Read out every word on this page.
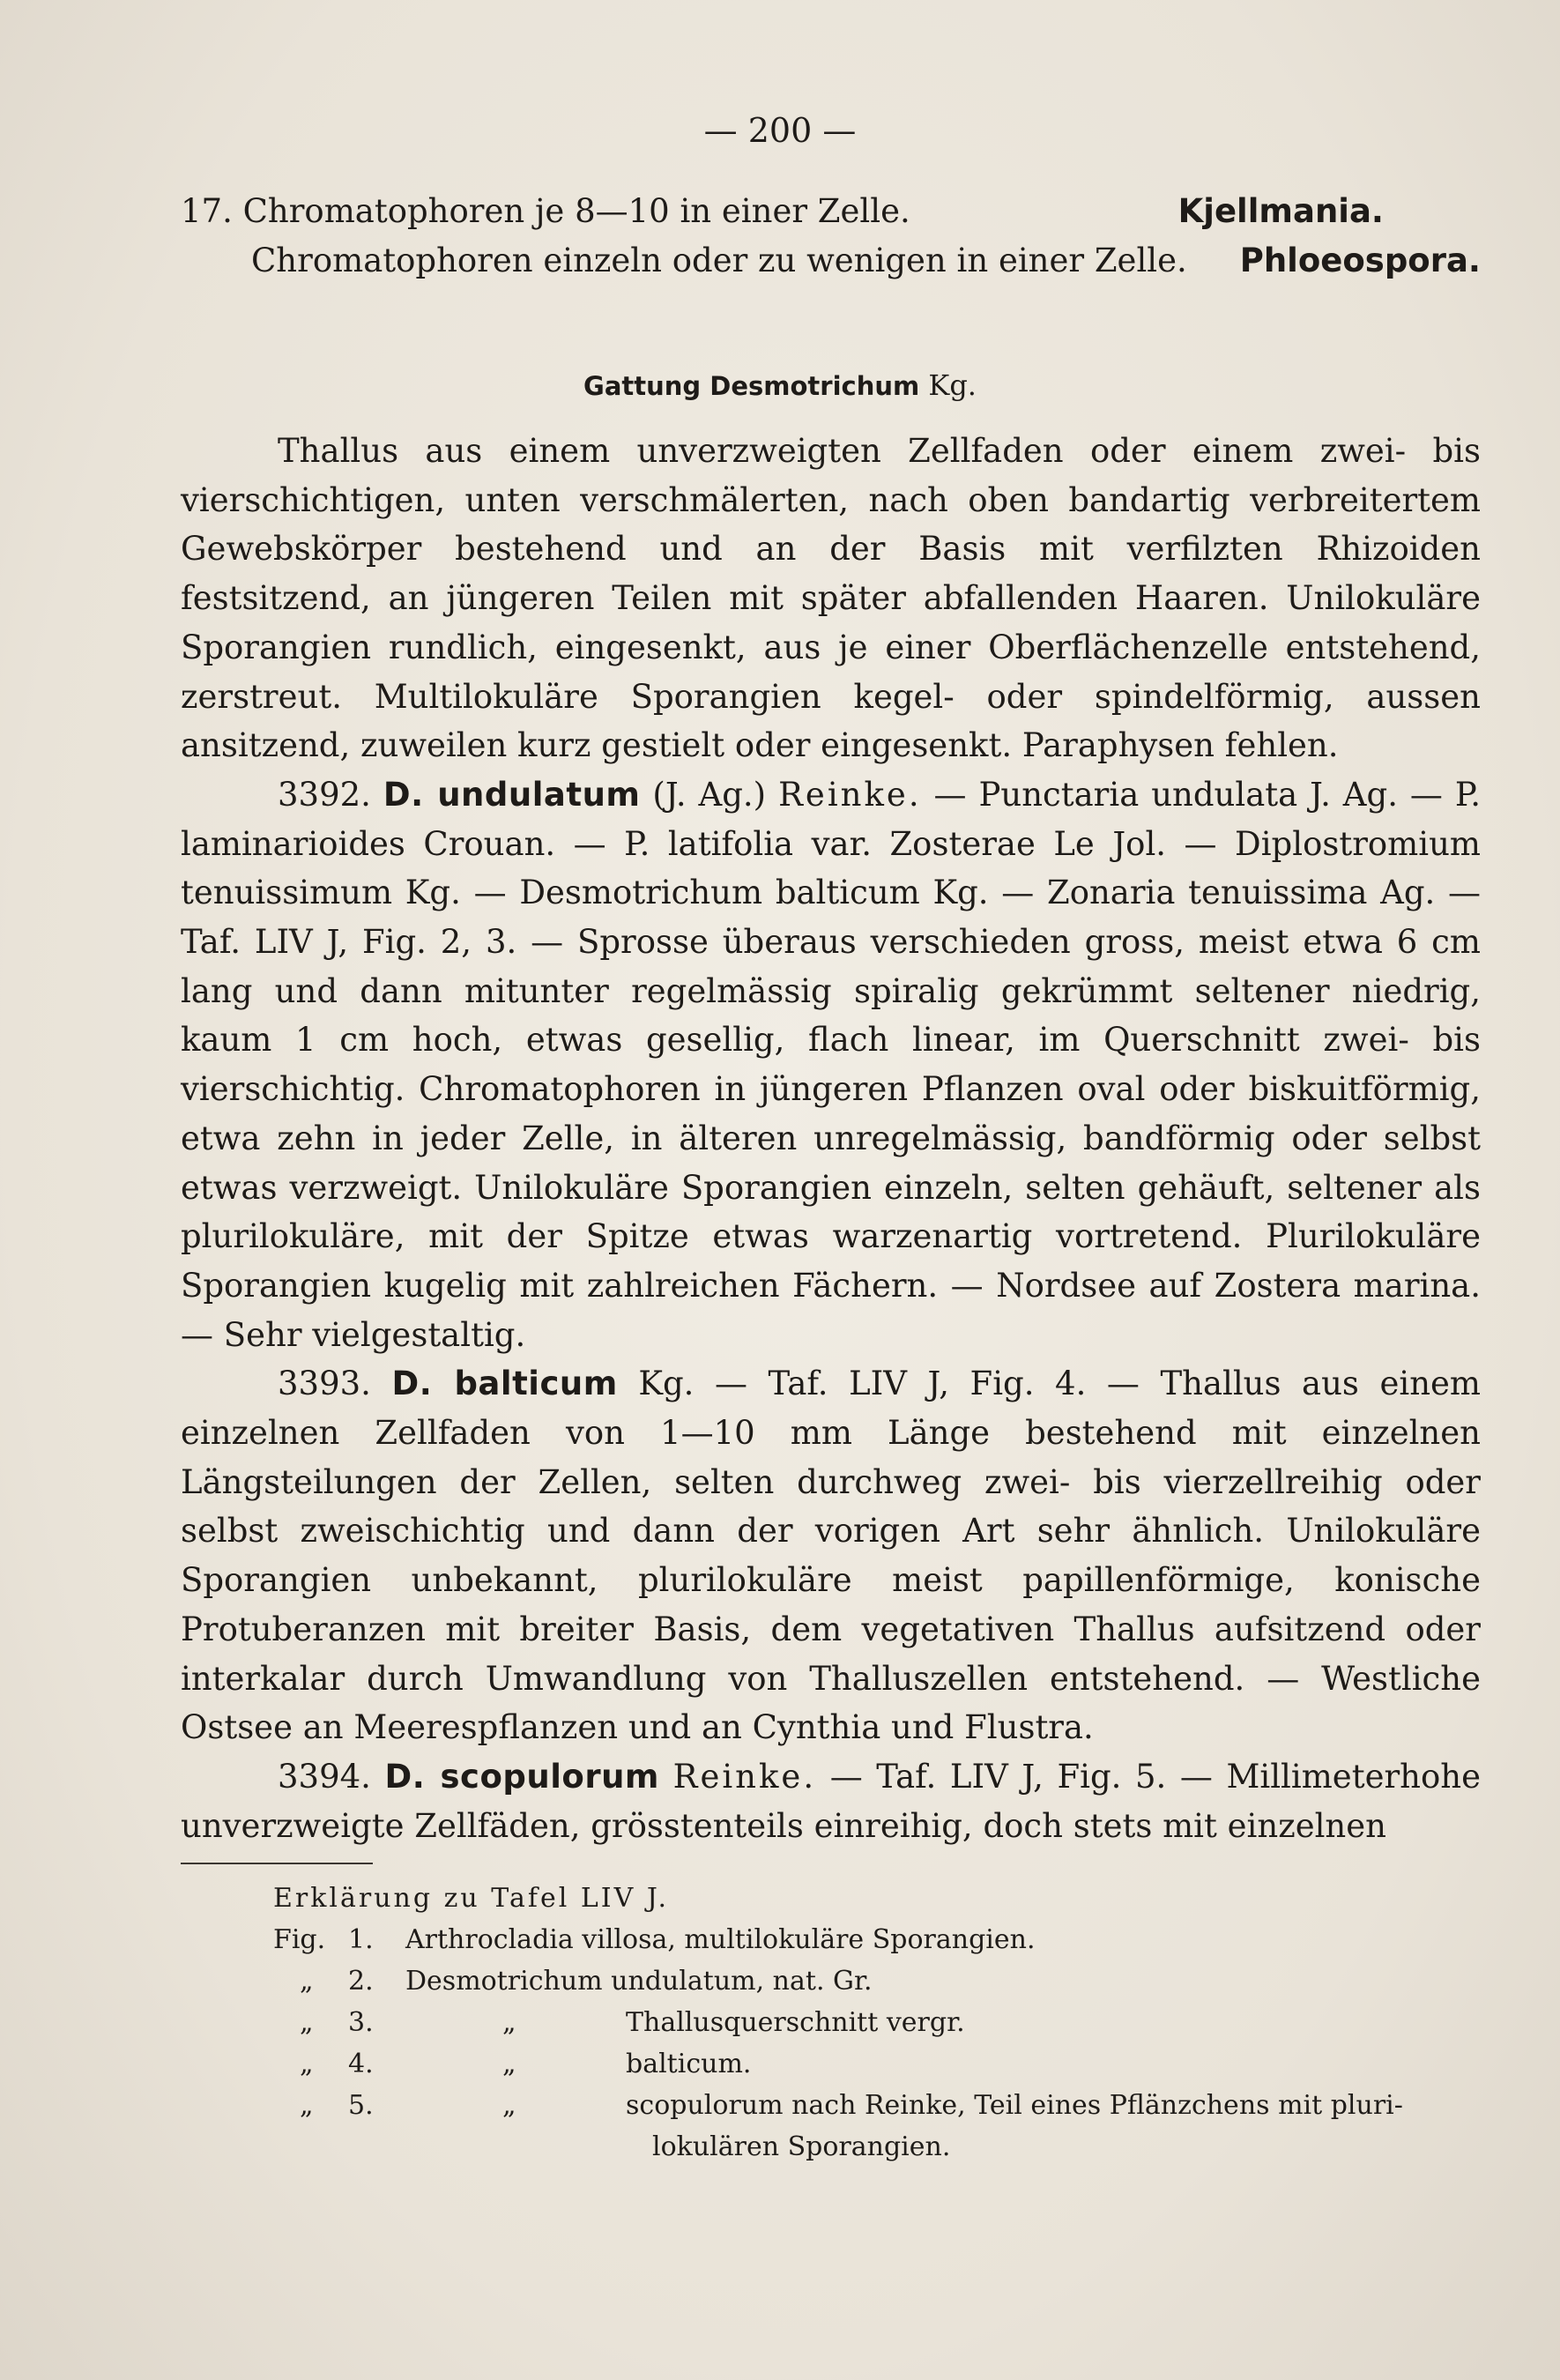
— 200 —
17. Chromatophoren je 8—10 in einer Zelle.	Kjellmania.
Chromatophoren einzeln oder zu wenigen in einer Zelle. Phloeospora.
Gattung Desmotrichum Kg.

Thallus aus einem unverzweigten Zellfaden oder einem zwei- bis vierschichtigen, unten verschmälerten, nach oben bandartig verbreitertem Gewebskörper bestehend und an der Basis mit verfilzten Rhizoiden festsitzend, an jüngeren Teilen mit später abfallenden Haaren. Unilokuläre Sporangien rundlich, eingesenkt, aus je einer Oberflächenzelle entstehend, zerstreut. Multilokuläre Sporangien kegel- oder spindelförmig, aussen ansitzend, zuweilen kurz gestielt oder eingesenkt. Paraphysen fehlen.

3392. D. undulatum (J. Ag.) Reinke. — Punctaria undulata J. Ag. — P. laminarioides Crouan. — P. latifolia var. Zosterae Le Jol. — Diplostromium tenuissimum Kg. — Desmotrichum balticum Kg. — Zonaria tenuissima Ag. — Taf. LIV J, Fig. 2, 3. — Sprosse überaus verschieden gross, meist etwa 6 cm lang und dann mitunter regelmässig spiralig gekrümmt seltener niedrig, kaum 1 cm hoch, etwas gesellig, flach linear, im Querschnitt zwei- bis vierschichtig. Chromatophoren in jüngeren Pflanzen oval oder biskuitförmig, etwa zehn in jeder Zelle, in älteren unregelmässig, bandförmig oder selbst etwas verzweigt. Unilokuläre Sporangien einzeln, selten gehäuft, seltener als plurilokuläre, mit der Spitze etwas warzenartig vortretend. Plurilokuläre Sporangien kugelig mit zahlreichen Fächern. — Nordsee auf Zostera marina. — Sehr vielgestaltig.

3393. D. balticum Kg. — Taf. LIV J, Fig. 4. — Thallus aus einem einzelnen Zellfaden von 1—10 mm Länge bestehend mit einzelnen Längsteilungen der Zellen, selten durchweg zwei- bis vierzellreihig oder selbst zweischichtig und dann der vorigen Art sehr ähnlich. Unilokuläre Sporangien unbekannt, plurilokuläre meist papillenförmige, konische Protuberanzen mit breiter Basis, dem vegetativen Thallus aufsitzend oder interkalar durch Umwandlung von Thalluszellen entstehend. — Westliche Ostsee an Meerespflanzen und an Cynthia und Flustra.

3394. D. scopulorum Reinke. — Taf. LIV J, Fig. 5. — Millimeterhohe unverzweigte Zellfäden, grösstenteils einreihig, doch stets mit einzelnen

Erklärung zu Tafel LIV J.
Fig. 1. Arthrocladia villosa, multilokuläre Sporangien.
„ 2. Desmotrichum undulatum, nat. Gr.
„ 3.	„	Thallusquerschnitt vergr.
„ 4.	„	balticum.
„ 5.	„	scopulorum nach Reinke, Teil eines Pflänzchens mit pluri-
lokulären Sporangien.
